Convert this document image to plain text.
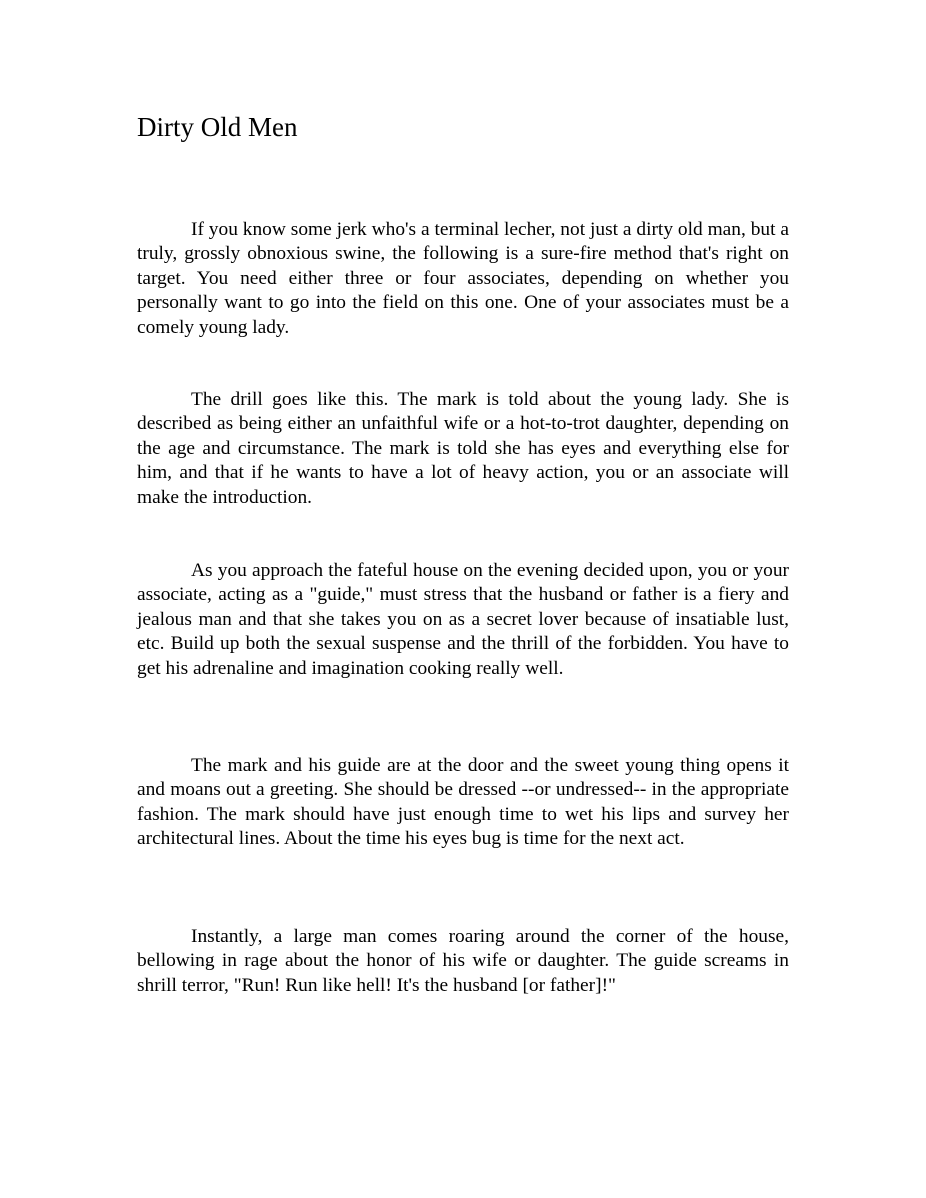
Dirty Old Men

If you know some jerk who's a terminal lecher, not just a dirty old man, but a truly, grossly obnoxious swine, the following is a sure-fire method that's right on target. You need either three or four associates, depending on whether you personally want to go into the field on this one. One of your associates must be a comely young lady.

The drill goes like this. The mark is told about the young lady. She is described as being either an unfaithful wife or a hot-to-trot daughter, depending on the age and circumstance. The mark is told she has eyes and everything else for him, and that if he wants to have a lot of heavy action, you or an associate will make the introduction.

As you approach the fateful house on the evening decided upon, you or your associate, acting as a "guide," must stress that the husband or father is a fiery and jealous man and that she takes you on as a secret lover because of insatiable lust, etc. Build up both the sexual suspense and the thrill of the forbidden. You have to get his adrenaline and imagination cooking really well.

The mark and his guide are at the door and the sweet young thing opens it and moans out a greeting. She should be dressed --or undressed-- in the appropriate fashion. The mark should have just enough time to wet his lips and survey her architectural lines. About the time his eyes bug is time for the next act.

Instantly, a large man comes roaring around the corner of the house, bellowing in rage about the honor of his wife or daughter. The guide screams in shrill terror, "Run! Run like hell! It's the husband [or father]!"
